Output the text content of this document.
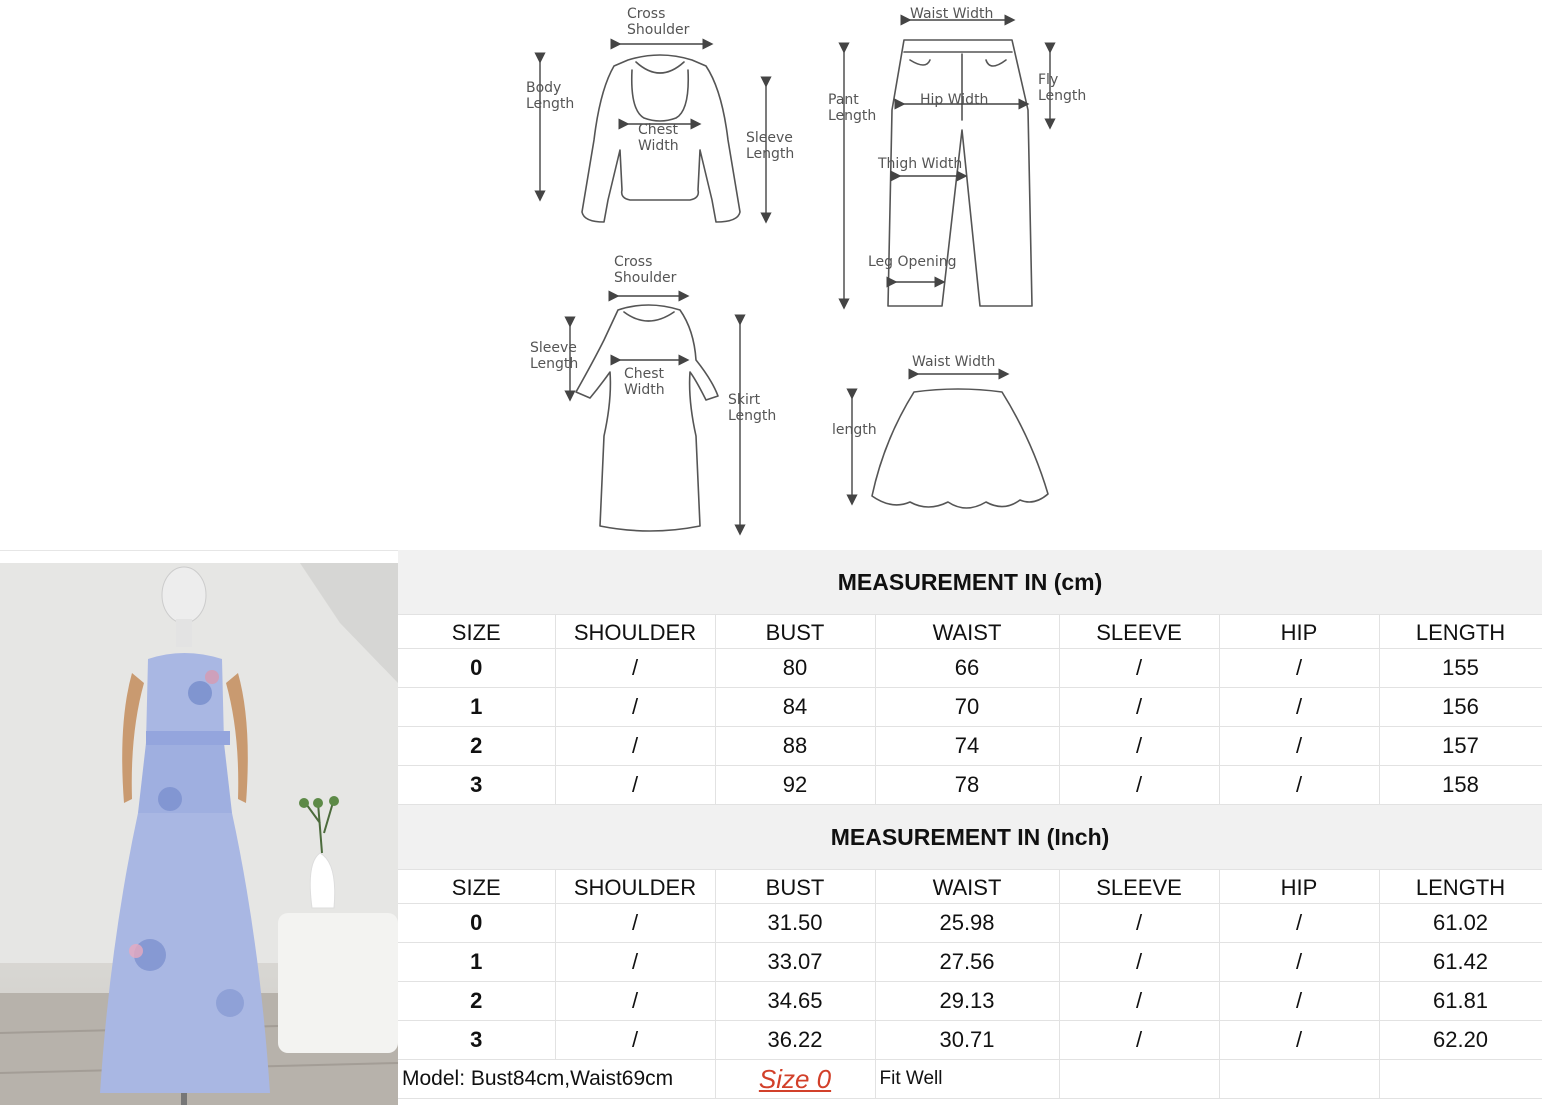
Cross
Shoulder
Body
Length
Chest
Width	Sleeve
Length
Waist Width
Pant
Length
Hip Width
Fly
Length
Thigh Width
Leg Opening
Cross
Shoulder
Sleeve
Length
Chest
Width
Skirt
Length
Waist Width
length
MEASUREMENT IN (cm)						
SIZE	SHOULDER	BUST	WAIST	SLEEVE	HIP	LENGTH
0	/	80	66	/	/	155
1	/	84	70	/	/	156
2	/	88	74	/	/	157
3	/	92	78	/	/	158
MEASUREMENT IN (Inch)						
SIZE	SHOULDER	BUST	WAIST	SLEEVE	HIP	LENGTH
0	/	31.50	25.98	/	/	61.02
1	/	33.07	27.56	/	/	61.42
2	/	34.65	29.13	/	/	61.81
3	/	36.22	30.71	/	/	62.20
Model: Bust84cm,Waist69cm		Size 0	Fit Well			
